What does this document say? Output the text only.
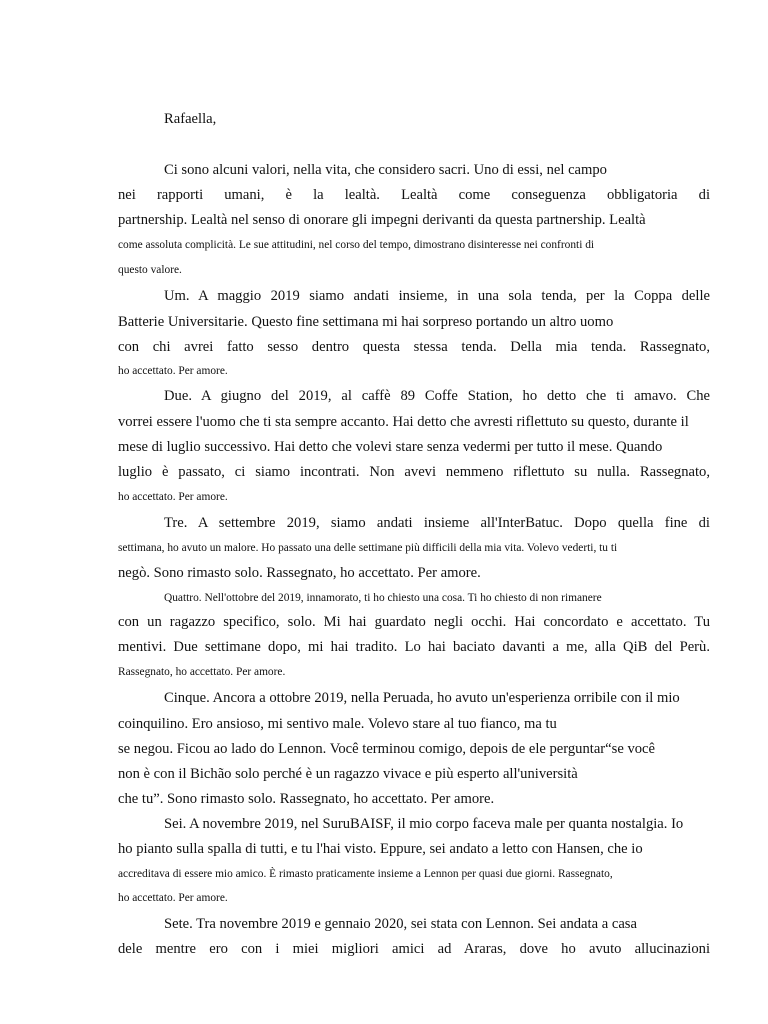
Rafaella,
Ci sono alcuni valori, nella vita, che considero sacri. Uno di essi, nel campo
nei rapporti umani, è la lealtà. Lealtà come conseguenza obbligatoria di
partnership. Lealtà nel senso di onorare gli impegni derivanti da questa partnership. Lealtà
come assoluta complicità. Le sue attitudini, nel corso del tempo, dimostrano disinteresse nei confronti di
questo valore.
Um. A maggio 2019 siamo andati insieme, in una sola tenda, per la Coppa delle
Batterie Universitarie. Questo fine settimana mi hai sorpreso portando un altro uomo
con chi avrei fatto sesso dentro questa stessa tenda. Della mia tenda. Rassegnato,
ho accettato. Per amore.
Due. A giugno del 2019, al caffè 89 Coffe Station, ho detto che ti amavo. Che
vorrei essere l'uomo che ti sta sempre accanto. Hai detto che avresti riflettuto su questo, durante il
mese di luglio successivo. Hai detto che volevi stare senza vedermi per tutto il mese. Quando
luglio è passato, ci siamo incontrati. Non avevi nemmeno riflettuto su nulla. Rassegnato,
ho accettato. Per amore.
Tre. A settembre 2019, siamo andati insieme all'InterBatuc. Dopo quella fine di
settimana, ho avuto un malore. Ho passato una delle settimane più difficili della mia vita. Volevo vederti, tu ti
negò. Sono rimasto solo. Rassegnato, ho accettato. Per amore.
Quattro. Nell'ottobre del 2019, innamorato, ti ho chiesto una cosa. Ti ho chiesto di non rimanere
con un ragazzo specifico, solo. Mi hai guardato negli occhi. Hai concordato e accettato. Tu
mentivi. Due settimane dopo, mi hai tradito. Lo hai baciato davanti a me, alla QiB del Perù.
Rassegnato, ho accettato. Per amore.
Cinque. Ancora a ottobre 2019, nella Peruada, ho avuto un'esperienza orribile con il mio
coinquilino. Ero ansioso, mi sentivo male. Volevo stare al tuo fianco, ma tu
se negou. Ficou ao lado do Lennon. Você terminou comigo, depois de ele perguntar“se você
non è con il Bichão solo perché è un ragazzo vivace e più esperto all'università
che tu”. Sono rimasto solo. Rassegnato, ho accettato. Per amore.
Sei. A novembre 2019, nel SuruBAISF, il mio corpo faceva male per quanta nostalgia. Io
ho pianto sulla spalla di tutti, e tu l'hai visto. Eppure, sei andato a letto con Hansen, che io
accreditava di essere mio amico. È rimasto praticamente insieme a Lennon per quasi due giorni. Rassegnato,
ho accettato. Per amore.
Sete. Tra novembre 2019 e gennaio 2020, sei stata con Lennon. Sei andata a casa
dele mentre ero con i miei migliori amici ad Araras, dove ho avuto allucinazioni
